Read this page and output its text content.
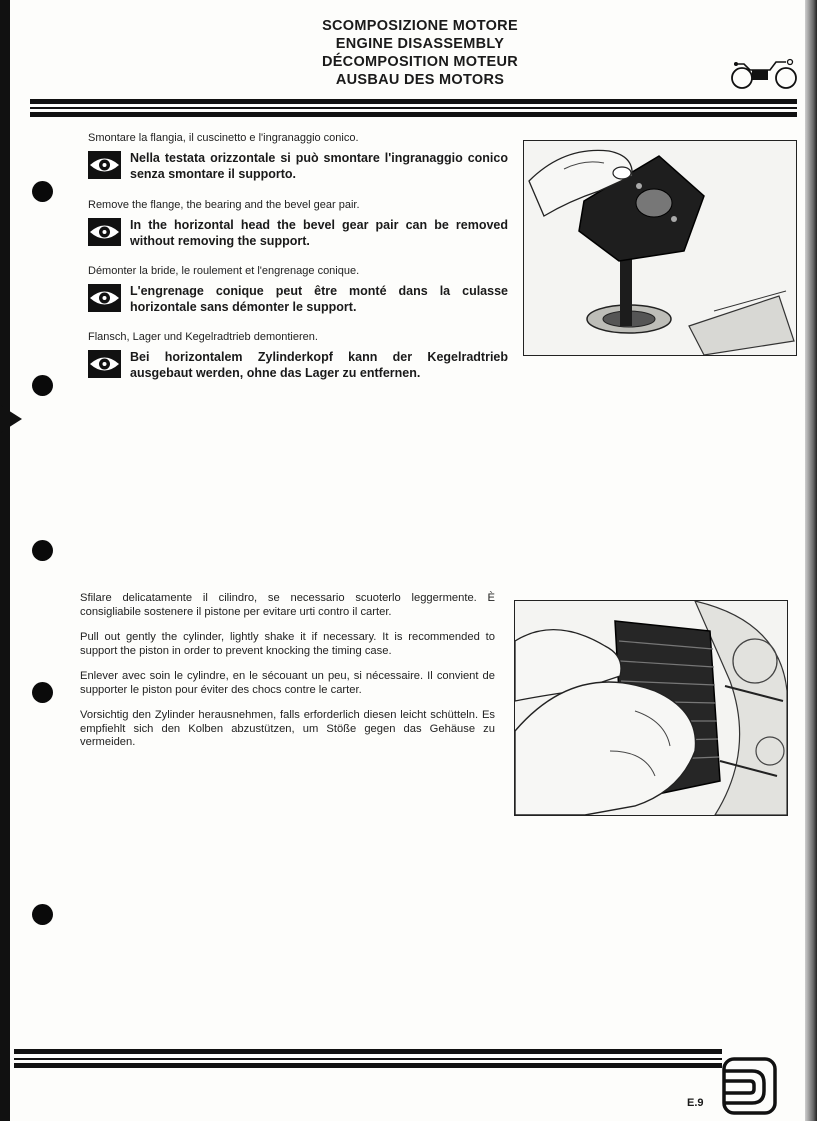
SCOMPOSIZIONE MOTORE
ENGINE DISASSEMBLY
DÉCOMPOSITION MOTEUR
AUSBAU DES MOTORS
Smontare la flangia, il cuscinetto e l'ingranaggio conico.
Nella testata orizzontale si può smontare l'ingranaggio conico senza smontare il supporto.
Remove the flange, the bearing and the bevel gear pair.
In the horizontal head the bevel gear pair can be removed without removing the support.
Démonter la bride, le roulement et l'engrenage conique.
L'engrenage conique peut être monté dans la culasse horizontale sans démonter le support.
Flansch, Lager und Kegelradtrieb demontieren.
Bei horizontalem Zylinderkopf kann der Kegelradtrieb ausgebaut werden, ohne das Lager zu entfernen.

Sfilare delicatamente il cilindro, se necessario scuoterlo leggermente. È consigliabile sostenere il pistone per evitare urti contro il carter.

Pull out gently the cylinder, lightly shake it if necessary. It is recommended to support the piston in order to prevent knocking the timing case.

Enlever avec soin le cylindre, en le sécouant un peu, si nécessaire. Il convient de supporter le piston pour éviter des chocs contre le carter.

Vorsichtig den Zylinder herausnehmen, falls erforderlich diesen leicht schütteln. Es empfiehlt sich den Kolben abzustützen, um Stöße gegen das Gehäuse zu vermeiden.

E.9
